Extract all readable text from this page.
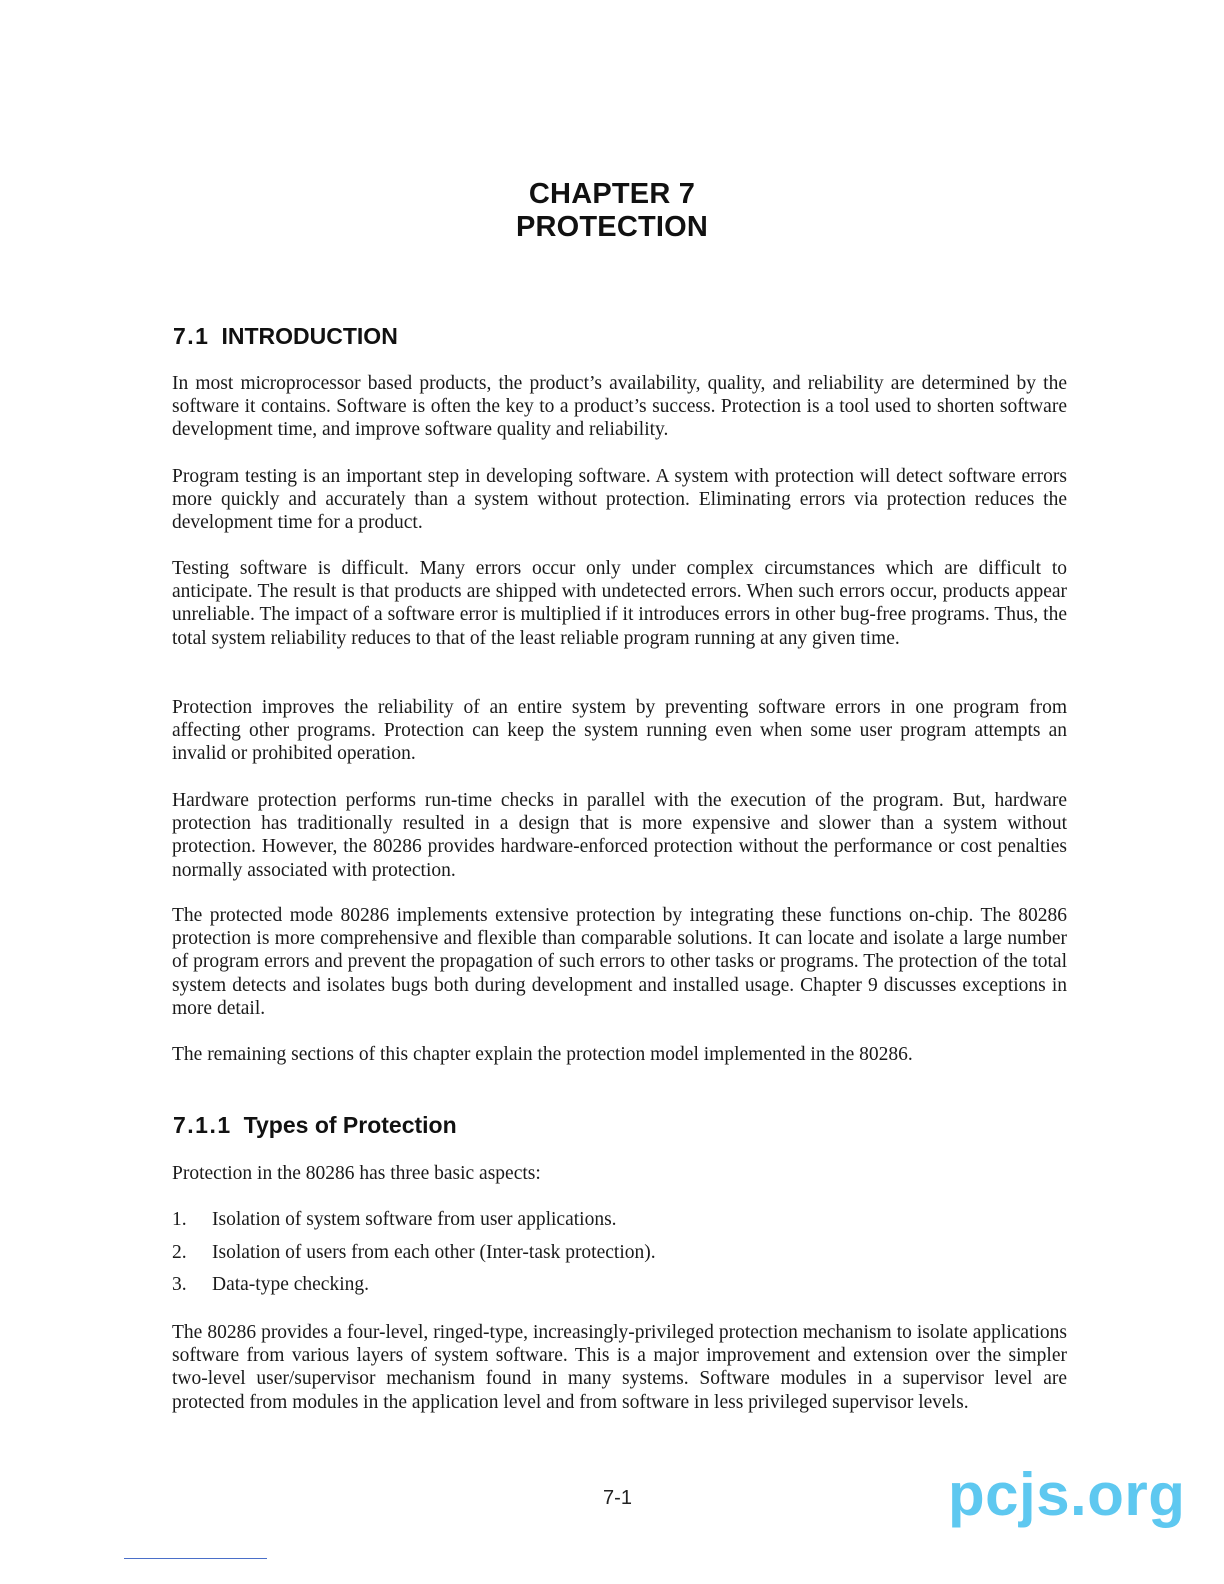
CHAPTER 7
PROTECTION
7.1 INTRODUCTION

In most microprocessor based products, the product’s availability, quality, and reliability are determined by the software it contains. Software is often the key to a product’s success. Protection is a tool used to shorten software development time, and improve software quality and reliability.

Program testing is an important step in developing software. A system with protection will detect software errors more quickly and accurately than a system without protection. Eliminating errors via protection reduces the development time for a product.

Testing software is difficult. Many errors occur only under complex circumstances which are difficult to anticipate. The result is that products are shipped with undetected errors. When such errors occur, products appear unreliable. The impact of a software error is multiplied if it introduces errors in other bug-free programs. Thus, the total system reliability reduces to that of the least reliable program running at any given time.

Protection improves the reliability of an entire system by preventing software errors in one program from affecting other programs. Protection can keep the system running even when some user program attempts an invalid or prohibited operation.

Hardware protection performs run-time checks in parallel with the execution of the program. But, hardware protection has traditionally resulted in a design that is more expensive and slower than a system without protection. However, the 80286 provides hardware-enforced protection without the performance or cost penalties normally associated with protection.

The protected mode 80286 implements extensive protection by integrating these functions on-chip. The 80286 protection is more comprehensive and flexible than comparable solutions. It can locate and isolate a large number of program errors and prevent the propagation of such errors to other tasks or programs. The protection of the total system detects and isolates bugs both during development and installed usage. Chapter 9 discusses exceptions in more detail.

The remaining sections of this chapter explain the protection model implemented in the 80286.

7.1.1 Types of Protection

Protection in the 80286 has three basic aspects:

1. Isolation of system software from user applications.
2. Isolation of users from each other (Inter-task protection).
3. Data-type checking.

The 80286 provides a four-level, ringed-type, increasingly-privileged protection mechanism to isolate applications software from various layers of system software. This is a major improvement and extension over the simpler two-level user/supervisor mechanism found in many systems. Software modules in a supervisor level are protected from modules in the application level and from software in less privileged supervisor levels.

7-1	pcjs.org
